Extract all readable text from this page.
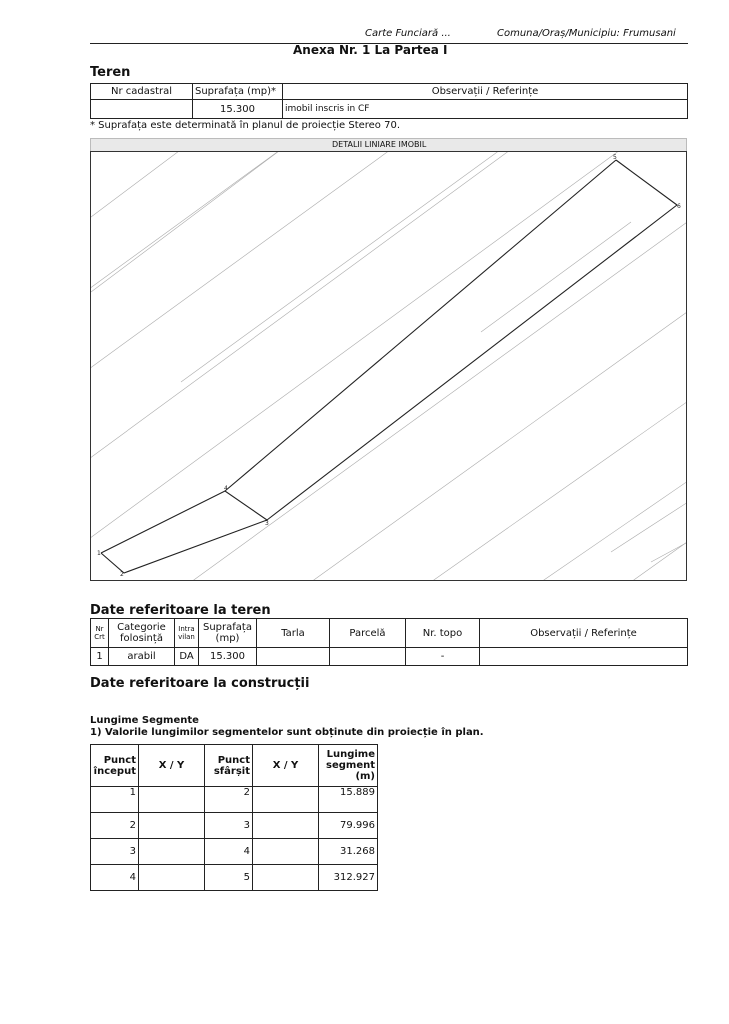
Carte Funciară ...	Comuna/Oraș/Municipiu: Frumusani
Anexa Nr. 1 La Partea I
Teren
Nr cadastral	Suprafața (mp)*	Observații / Referințe
	15.300	imobil inscris in CF
* Suprafața este determinată în planul de proiecție Stereo 70.
DETALII LINIARE IMOBIL
1
2
3
4
5
6
Date referitoare la teren
Nr Crt	Categorie folosință	Intra vilan	Suprafața (mp)	Tarla	Parcelă	Nr. topo	Observații / Referințe
1	arabil	DA	15.300			-	
Date referitoare la construcții
Lungime Segmente
1) Valorile lungimilor segmentelor sunt obținute din proiecție în plan.
Punct început	X / Y	Punct sfârșit	X / Y	Lungime segment (m)
1		2		15.889
2		3		79.996
3		4		31.268
4		5		312.927
